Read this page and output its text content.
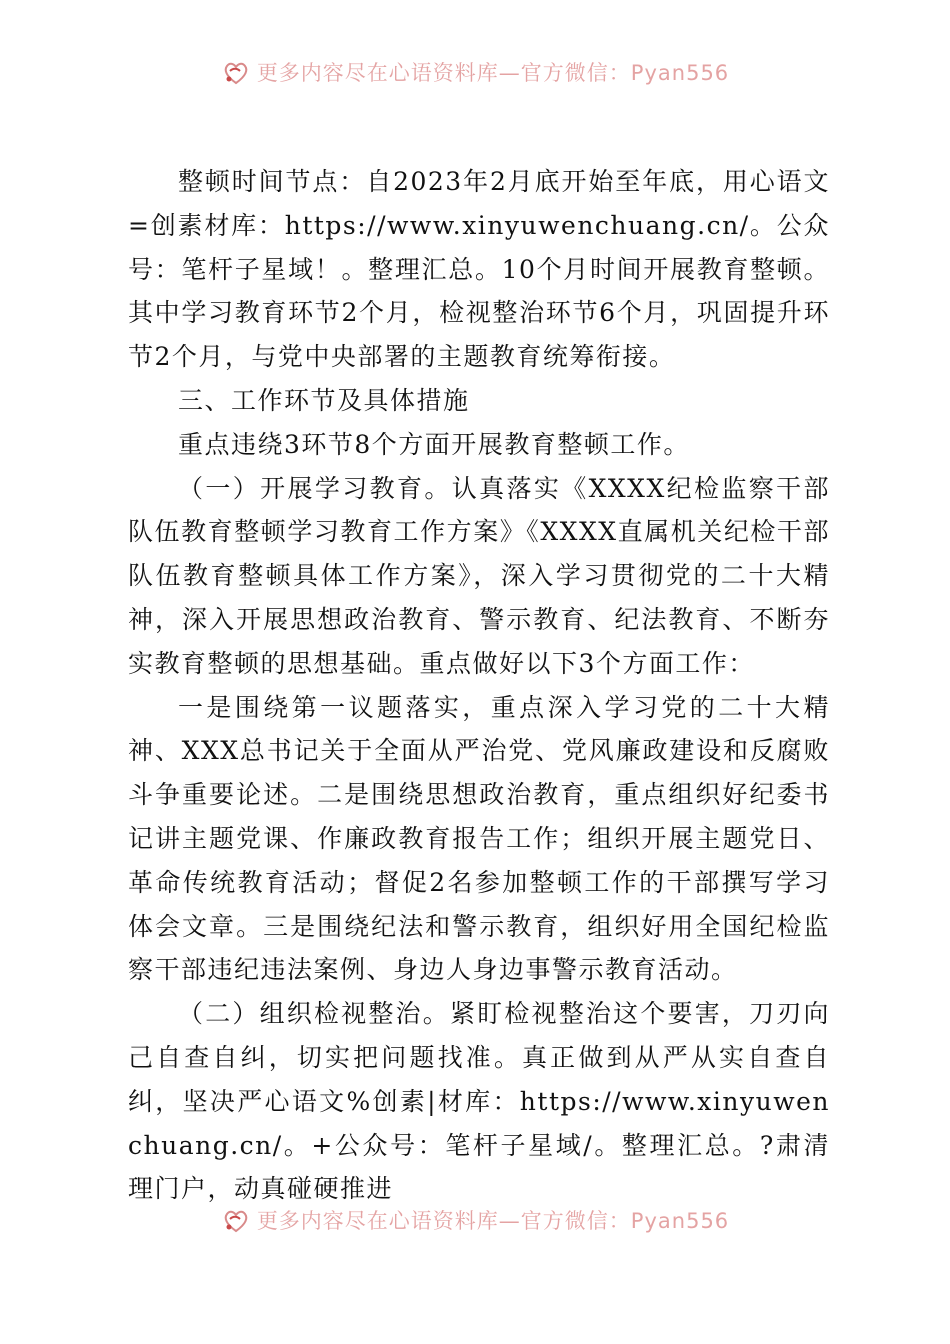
更多内容尽在心语资料库—官方微信：Pyan556

整顿时间节点：自2023年2月底开始至年底，用心语文=创素材库：https://www.xinyuwenchuang.cn/。公众号：笔杆子星域！。整理汇总。10个月时间开展教育整顿。其中学习教育环节2个月，检视整治环节6个月，巩固提升环节2个月，与党中央部署的主题教育统筹衔接。

三、工作环节及具体措施

重点违绕3环节8个方面开展教育整顿工作。

（一）开展学习教育。认真落实《XXXX纪检监察干部队伍教育整顿学习教育工作方案》《XXXX直属机关纪检干部队伍教育整顿具体工作方案》，深入学习贯彻党的二十大精神，深入开展思想政治教育、警示教育、纪法教育、不断夯实教育整顿的思想基础。重点做好以下3个方面工作：

一是围绕第一议题落实，重点深入学习党的二十大精神、XXX总书记关于全面从严治党、党风廉政建设和反腐败斗争重要论述。二是围绕思想政治教育，重点组织好纪委书记讲主题党课、作廉政教育报告工作；组织开展主题党日、革命传统教育活动；督促2名参加整顿工作的干部撰写学习体会文章。三是围绕纪法和警示教育，组织好用全国纪检监察干部违纪违法案例、身边人身边事警示教育活动。

（二）组织检视整治。紧盯检视整治这个要害，刀刃向己自查自纠，切实把问题找准。真正做到从严从实自查自纠，坚决严心语文%创素|材库：https://www.xinyuwenchuang.cn/。+公众号：笔杆子星域/。整理汇总。?肃清理门户，动真碰硬推进

更多内容尽在心语资料库—官方微信：Pyan556
